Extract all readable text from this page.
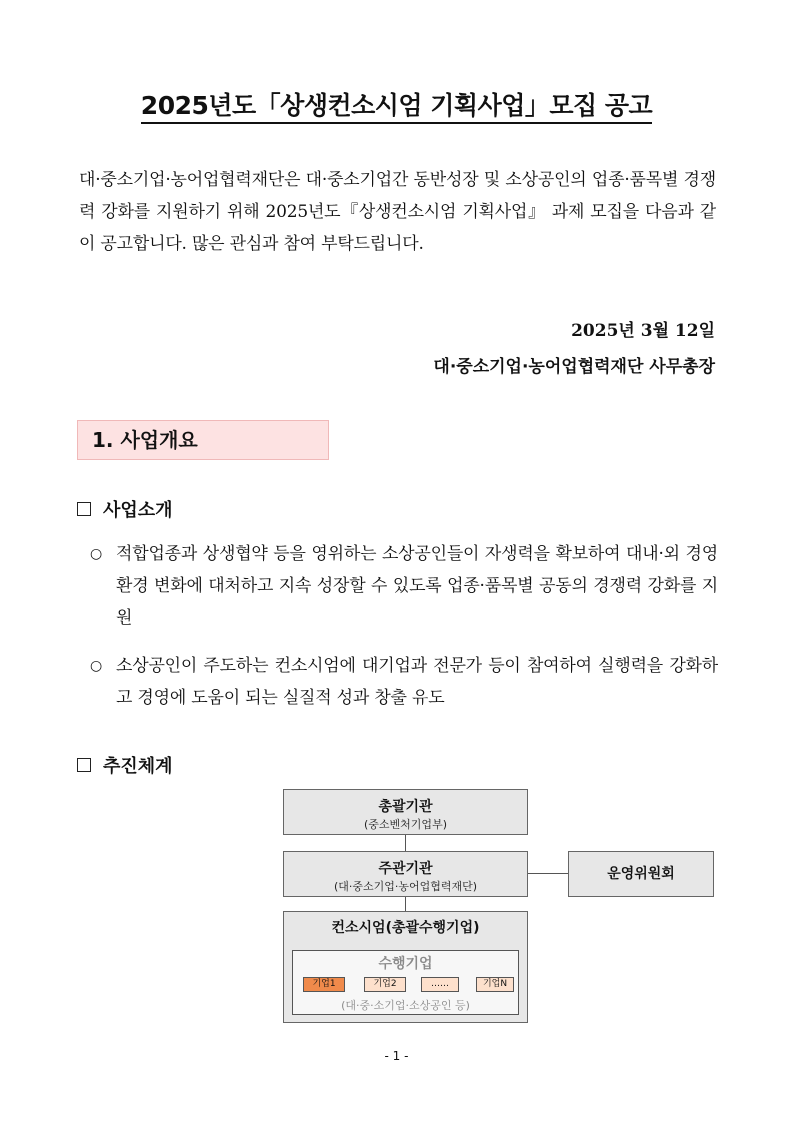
2025년도「상생컨소시엄 기획사업」모집 공고
대·중소기업·농어업협력재단은 대·중소기업간 동반성장 및 소상공인의 업종·품목별 경쟁력 강화를 지원하기 위해 2025년도『상생컨소시엄 기획사업』 과제 모집을 다음과 같이 공고합니다. 많은 관심과 참여 부탁드립니다.
2025년 3월 12일
대·중소기업·농어업협력재단 사무총장
1. 사업개요
사업소개
○ 적합업종과 상생협약 등을 영위하는 소상공인들이 자생력을 확보하여 대내·외 경영환경 변화에 대처하고 지속 성장할 수 있도록 업종·품목별 공동의 경쟁력 강화를 지원
○ 소상공인이 주도하는 컨소시엄에 대기업과 전문가 등이 참여하여 실행력을 강화하고 경영에 도움이 되는 실질적 성과 창출 유도
추진체계
총괄기관
(중소벤처기업부)
주관기관
(대·중소기업·농어업협력재단)
운영위원회
컨소시엄(총괄수행기업)
수행기업
기업1	기업2	……	기업N
(대·중·소기업·소상공인 등)
- 1 -
